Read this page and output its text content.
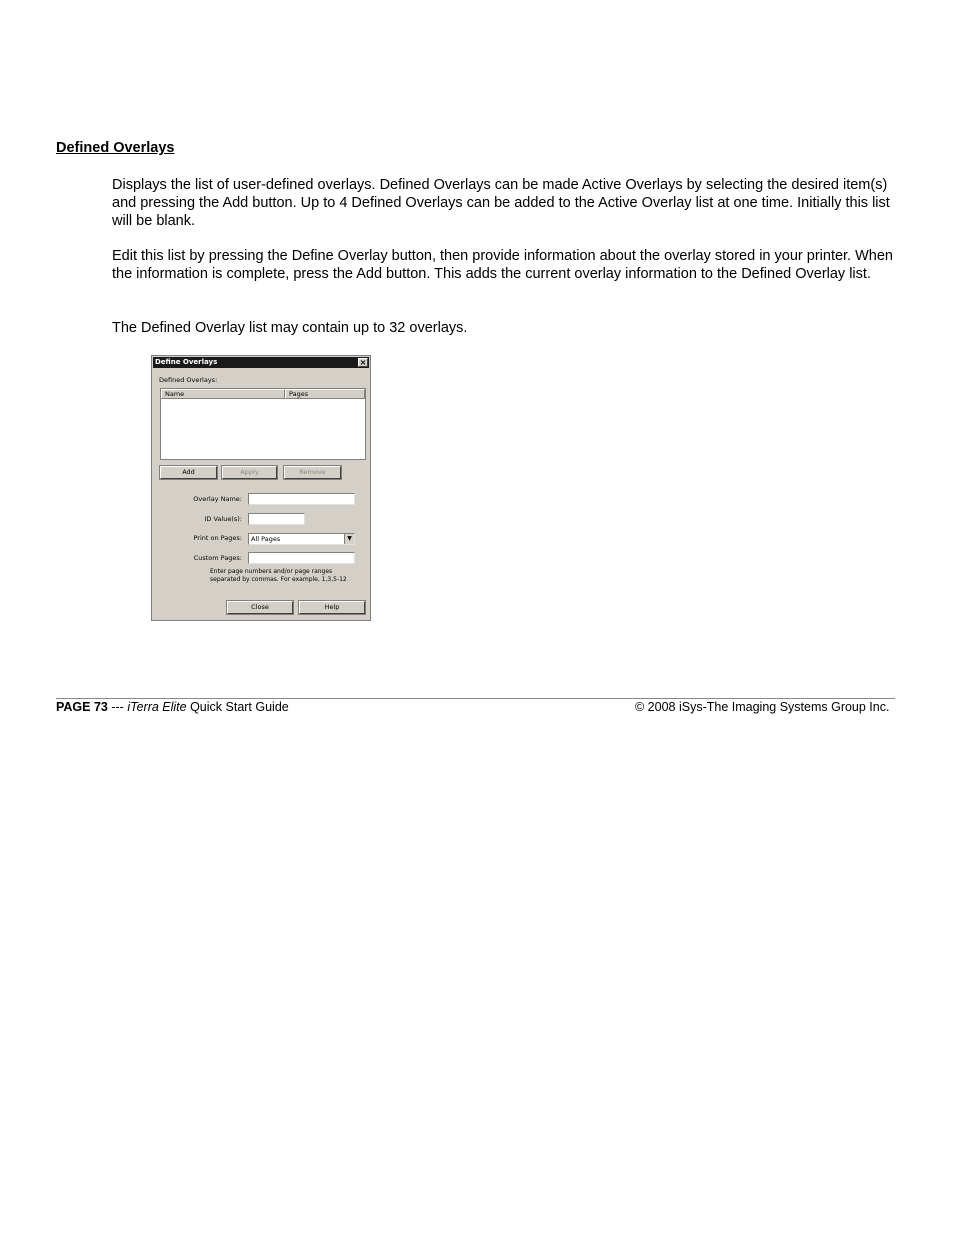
Defined Overlays
Displays the list of user-defined overlays. Defined Overlays can be made Active Overlays by selecting the desired item(s) and pressing the Add button. Up to 4 Defined Overlays can be added to the Active Overlay list at one time. Initially this list will be blank.
Edit this list by pressing the Define Overlay button, then provide information about the overlay stored in your printer. When the information is complete, press the Add button. This adds the current overlay information to the Defined Overlay list.
The Defined Overlay list may contain up to 32 overlays.
Define Overlays	×
Defined Overlays:
Name	Pages
Add	Apply	Remove
Overlay Name:
ID Value(s):
Print on Pages:	All Pages	▼
Custom Pages:
Enter page numbers and/or page ranges
separated by commas. For example, 1,3,5-12
Close	Help
PAGE 73 --- iTerra Elite Quick Start Guide	© 2008 iSys-The Imaging Systems Group Inc.
